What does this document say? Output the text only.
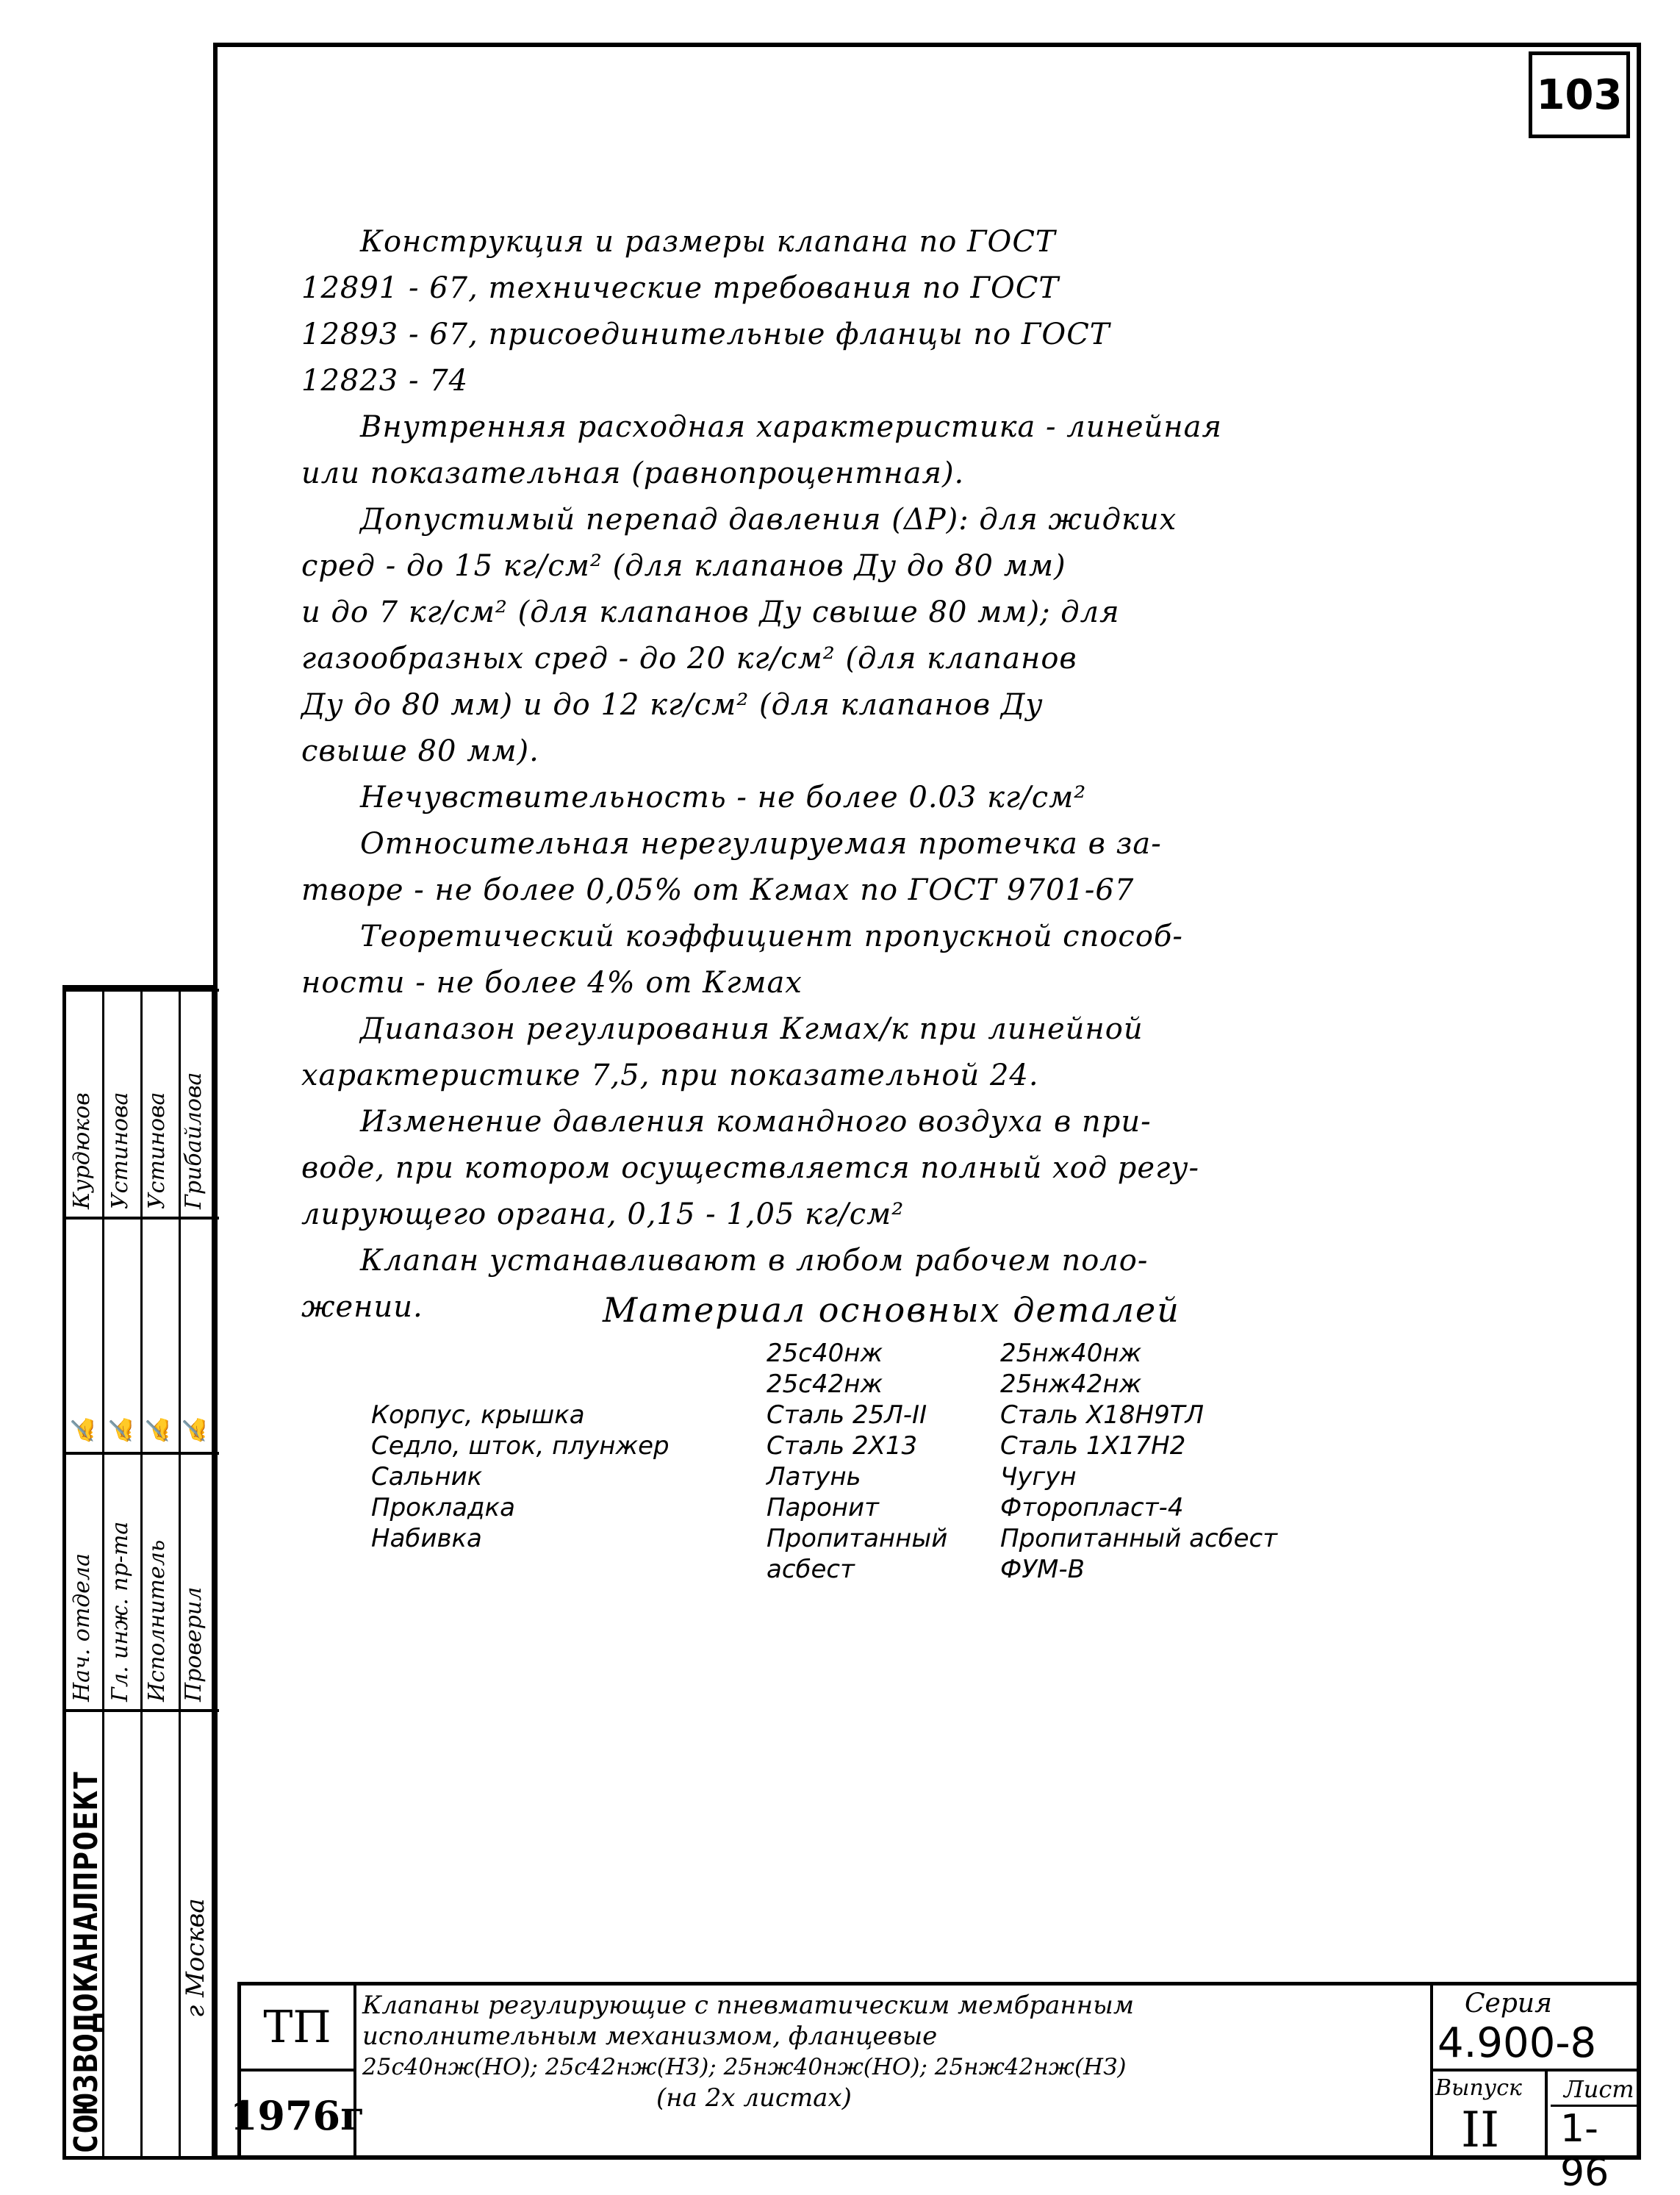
103

Конструкция и размеры клапана по ГОСТ

12891 - 67, технические требования по ГОСТ

12893 - 67, присоединительные фланцы по ГОСТ

12823 - 74

Внутренняя расходная характеристика - линейная

или показательная (равнопроцентная).

Допустимый перепад давления (ΔР): для жидких

сред - до 15 кг/см² (для клапанов Ду до 80 мм)

и до 7 кг/см² (для клапанов Ду свыше 80 мм); для

газообразных сред - до 20 кг/см² (для клапанов

Ду до 80 мм) и до 12 кг/см² (для клапанов Ду

свыше 80 мм).

Нечувствительность - не более 0.03 кг/см²

Относительная нерегулируемая протечка в за-

творе - не более 0,05% от Кгмах по ГОСТ 9701-67

Теоретический коэффициент пропускной способ-

ности - не более 4% от Кгмах

Диапазон регулирования Кгмах/к при линейной

характеристике 7,5, при показательной 24.

Изменение давления командного воздуха в при-

воде, при котором осуществляется полный ход регу-

лирующего органа, 0,15 - 1,05 кг/см²

Клапан устанавливают в любом рабочем поло-

жении.	Материал основных деталей
	25с40нж	25нж40нж
	25с42нж	25нж42нж
Корпус, крышка	Сталь 25Л-II	Сталь Х18Н9ТЛ
Седло, шток, плунжер	Сталь 2Х13	Сталь 1Х17Н2
Сальник	Латунь	Чугун
Прокладка	Паронит	Фторопласт-4
Набивка	Пропитанный	Пропитанный асбест
	асбест	ФУМ-В
Курдюков Устинова Устинова Грибайлова
✍ ✍ ✍ ✍
Нач. отдела Гл. инж. пр-та Исполнитель Проверил
СОЮЗВОДОКАНАЛПРОЕКТ	г Москва
ТП
1976г

Клапаны регулирующие с пневматическим мембранным

исполнительным механизмом, фланцевые

25с40нж(НО); 25с42нж(НЗ); 25нж40нж(НО); 25нж42нж(НЗ)

(на 2х листах)

Серия
4.900-8
Выпуск
II
Лист
1-96
